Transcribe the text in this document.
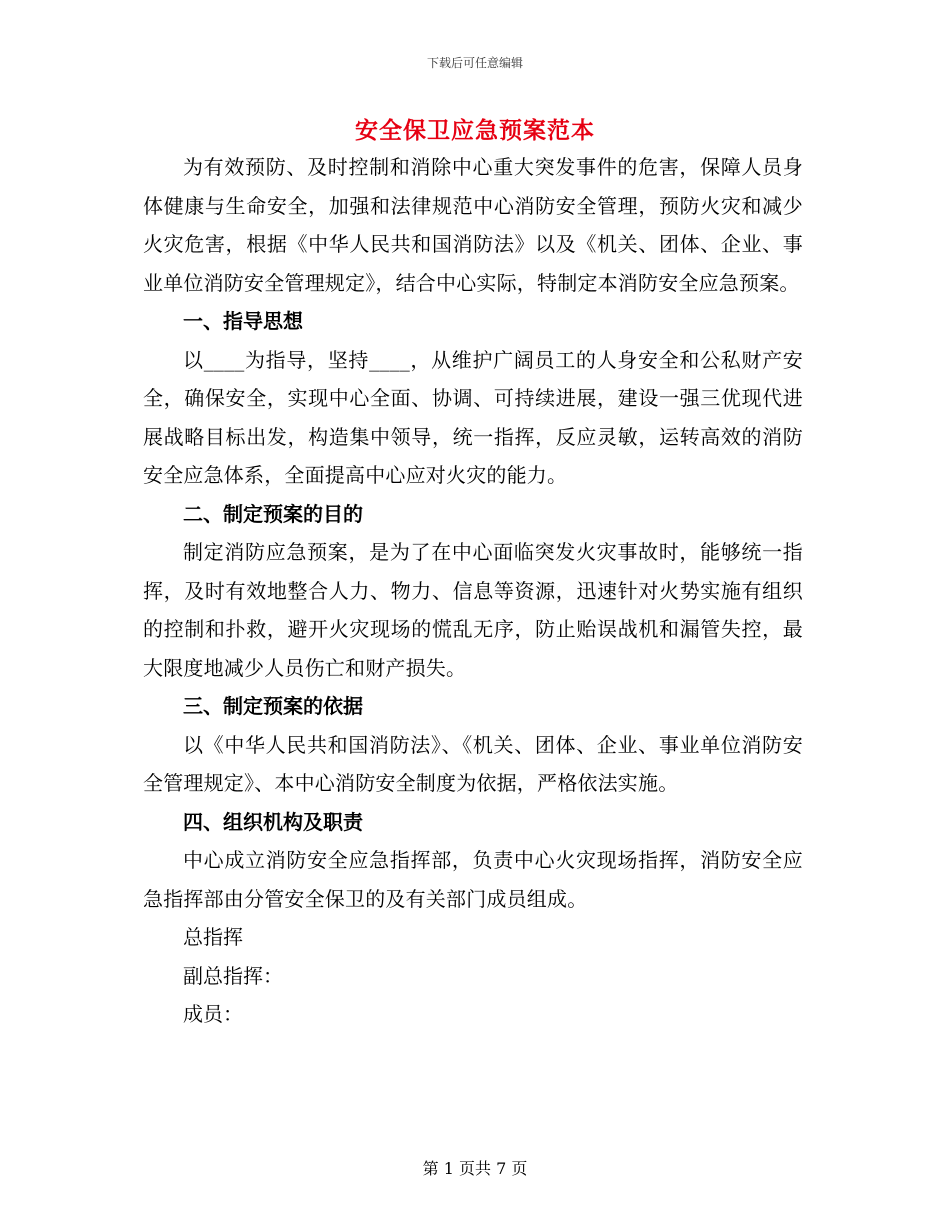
下载后可任意编辑
安全保卫应急预案范本

为有效预防、及时控制和消除中心重大突发事件的危害，保障人员身体健康与生命安全，加强和法律规范中心消防安全管理，预防火灾和减少火灾危害，根据《中华人民共和国消防法》以及《机关、团体、企业、事业单位消防安全管理规定》，结合中心实际，特制定本消防安全应急预案。

一、指导思想

以____为指导，坚持____，从维护广阔员工的人身安全和公私财产安全，确保安全，实现中心全面、协调、可持续进展，建设一强三优现代进展战略目标出发，构造集中领导，统一指挥，反应灵敏，运转高效的消防安全应急体系，全面提高中心应对火灾的能力。

二、制定预案的目的

制定消防应急预案，是为了在中心面临突发火灾事故时，能够统一指挥，及时有效地整合人力、物力、信息等资源，迅速针对火势实施有组织的控制和扑救，避开火灾现场的慌乱无序，防止贻误战机和漏管失控，最大限度地减少人员伤亡和财产损失。

三、制定预案的依据

以《中华人民共和国消防法》、《机关、团体、企业、事业单位消防安全管理规定》、本中心消防安全制度为依据，严格依法实施。

四、组织机构及职责

中心成立消防安全应急指挥部，负责中心火灾现场指挥，消防安全应急指挥部由分管安全保卫的及有关部门成员组成。

总指挥

副总指挥：

成员：

第 1 页共 7 页
